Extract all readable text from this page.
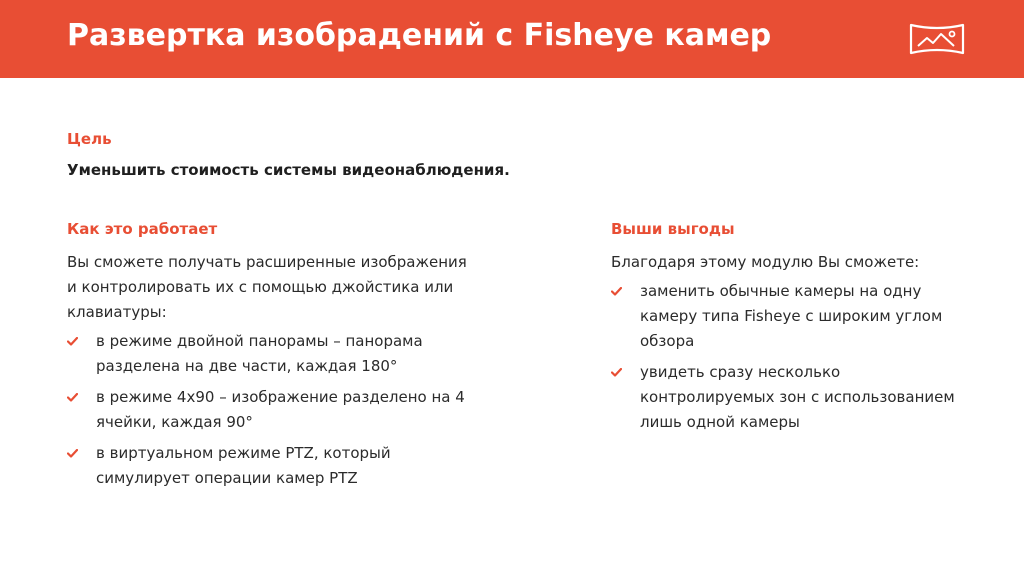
Развертка изобрадений с Fisheye камер
Цель
Уменьшить стоимость системы видеонаблюдения.
Как это работает	Выши выгоды

Вы сможете получать расширенные изображения и контролировать их с помощью джойстика или клавиатуры:

в режиме двойной панорамы – панорама разделена на две части, каждая 180°
в режиме 4х90 – изображение разделено на 4 ячейки, каждая 90°
в виртуальном режиме PTZ, который симулирует операции камер PTZ

Благодаря этому модулю Вы сможете:

заменить обычные камеры на одну камеру типа Fisheye с широким углом обзора
увидеть сразу несколько контролируемых зон с использованием лишь одной камеры
